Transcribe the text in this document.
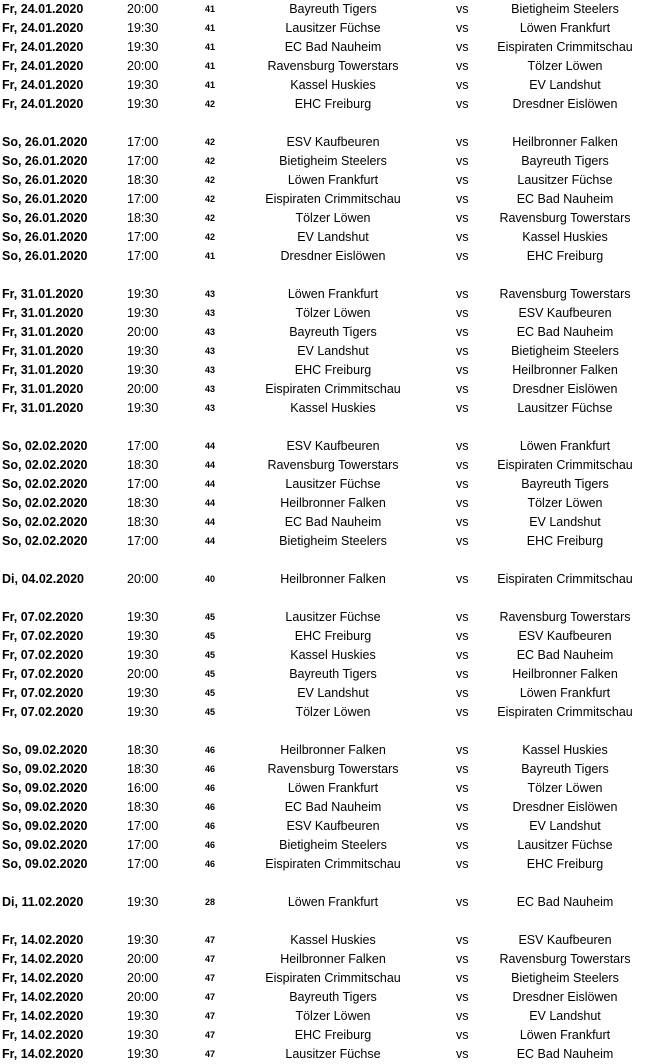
Fr, 24.01.2020	20:00	41	Bayreuth Tigers	vs	Bietigheim Steelers
Fr, 24.01.2020	19:30	41	Lausitzer Füchse	vs	Löwen Frankfurt
Fr, 24.01.2020	19:30	41	EC Bad Nauheim	vs	Eispiraten Crimmitschau
Fr, 24.01.2020	20:00	41	Ravensburg Towerstars	vs	Tölzer Löwen
Fr, 24.01.2020	19:30	41	Kassel Huskies	vs	EV Landshut
Fr, 24.01.2020	19:30	42	EHC Freiburg	vs	Dresdner Eislöwen
So, 26.01.2020	17:00	42	ESV Kaufbeuren	vs	Heilbronner Falken
So, 26.01.2020	17:00	42	Bietigheim Steelers	vs	Bayreuth Tigers
So, 26.01.2020	18:30	42	Löwen Frankfurt	vs	Lausitzer Füchse
So, 26.01.2020	17:00	42	Eispiraten Crimmitschau	vs	EC Bad Nauheim
So, 26.01.2020	18:30	42	Tölzer Löwen	vs	Ravensburg Towerstars
So, 26.01.2020	17:00	42	EV Landshut	vs	Kassel Huskies
So, 26.01.2020	17:00	41	Dresdner Eislöwen	vs	EHC Freiburg
Fr, 31.01.2020	19:30	43	Löwen Frankfurt	vs	Ravensburg Towerstars
Fr, 31.01.2020	19:30	43	Tölzer Löwen	vs	ESV Kaufbeuren
Fr, 31.01.2020	20:00	43	Bayreuth Tigers	vs	EC Bad Nauheim
Fr, 31.01.2020	19:30	43	EV Landshut	vs	Bietigheim Steelers
Fr, 31.01.2020	19:30	43	EHC Freiburg	vs	Heilbronner Falken
Fr, 31.01.2020	20:00	43	Eispiraten Crimmitschau	vs	Dresdner Eislöwen
Fr, 31.01.2020	19:30	43	Kassel Huskies	vs	Lausitzer Füchse
So, 02.02.2020	17:00	44	ESV Kaufbeuren	vs	Löwen Frankfurt
So, 02.02.2020	18:30	44	Ravensburg Towerstars	vs	Eispiraten Crimmitschau
So, 02.02.2020	17:00	44	Lausitzer Füchse	vs	Bayreuth Tigers
So, 02.02.2020	18:30	44	Heilbronner Falken	vs	Tölzer Löwen
So, 02.02.2020	18:30	44	EC Bad Nauheim	vs	EV Landshut
So, 02.02.2020	17:00	44	Bietigheim Steelers	vs	EHC Freiburg
Di, 04.02.2020	20:00	40	Heilbronner Falken	vs	Eispiraten Crimmitschau
Fr, 07.02.2020	19:30	45	Lausitzer Füchse	vs	Ravensburg Towerstars
Fr, 07.02.2020	19:30	45	EHC Freiburg	vs	ESV Kaufbeuren
Fr, 07.02.2020	19:30	45	Kassel Huskies	vs	EC Bad Nauheim
Fr, 07.02.2020	20:00	45	Bayreuth Tigers	vs	Heilbronner Falken
Fr, 07.02.2020	19:30	45	EV Landshut	vs	Löwen Frankfurt
Fr, 07.02.2020	19:30	45	Tölzer Löwen	vs	Eispiraten Crimmitschau
So, 09.02.2020	18:30	46	Heilbronner Falken	vs	Kassel Huskies
So, 09.02.2020	18:30	46	Ravensburg Towerstars	vs	Bayreuth Tigers
So, 09.02.2020	16:00	46	Löwen Frankfurt	vs	Tölzer Löwen
So, 09.02.2020	18:30	46	EC Bad Nauheim	vs	Dresdner Eislöwen
So, 09.02.2020	17:00	46	ESV Kaufbeuren	vs	EV Landshut
So, 09.02.2020	17:00	46	Bietigheim Steelers	vs	Lausitzer Füchse
So, 09.02.2020	17:00	46	Eispiraten Crimmitschau	vs	EHC Freiburg
Di, 11.02.2020	19:30	28	Löwen Frankfurt	vs	EC Bad Nauheim
Fr, 14.02.2020	19:30	47	Kassel Huskies	vs	ESV Kaufbeuren
Fr, 14.02.2020	20:00	47	Heilbronner Falken	vs	Ravensburg Towerstars
Fr, 14.02.2020	20:00	47	Eispiraten Crimmitschau	vs	Bietigheim Steelers
Fr, 14.02.2020	20:00	47	Bayreuth Tigers	vs	Dresdner Eislöwen
Fr, 14.02.2020	19:30	47	Tölzer Löwen	vs	EV Landshut
Fr, 14.02.2020	19:30	47	EHC Freiburg	vs	Löwen Frankfurt
Fr, 14.02.2020	19:30	47	Lausitzer Füchse	vs	EC Bad Nauheim
